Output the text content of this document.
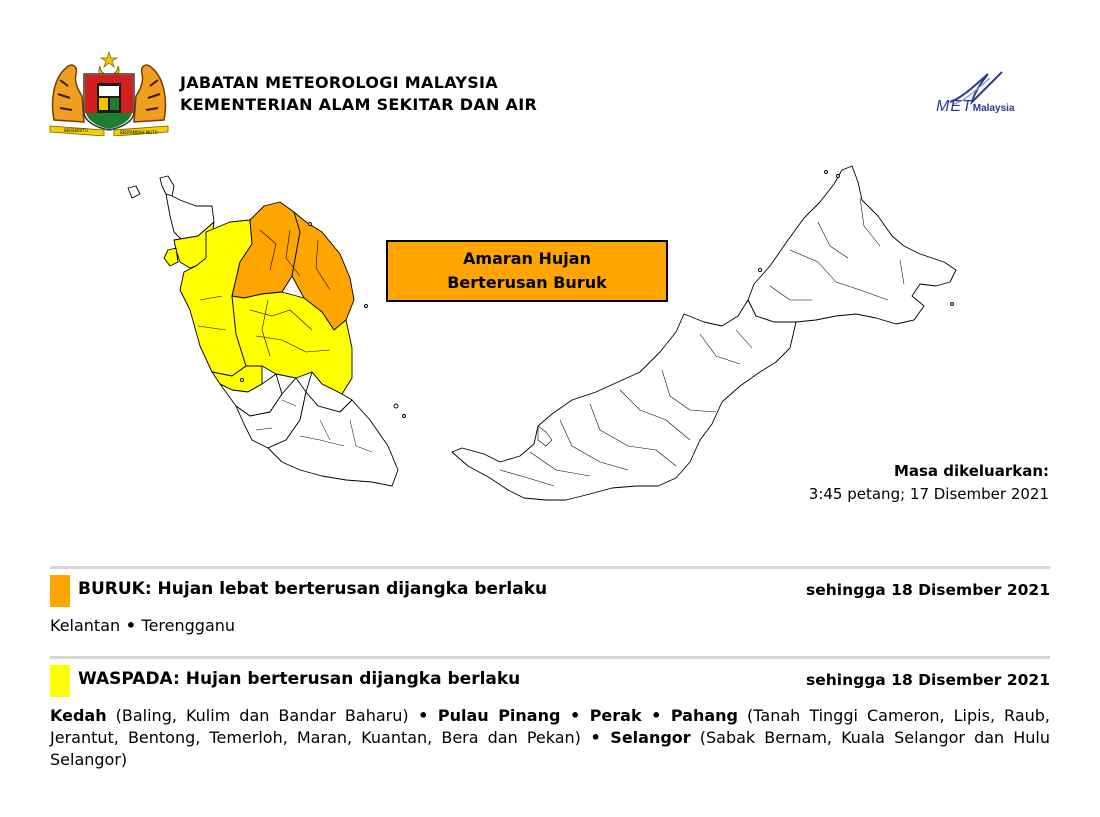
BERSEKUTU	BERTAMBAH MUTU
JABATAN METEOROLOGI MALAYSIA
KEMENTERIAN ALAM SEKITAR DAN AIR	METMalaysia
Amaran Hujan
Berterusan Buruk
Masa dikeluarkan:
3:45 petang; 17 Disember 2021
BURUK: Hujan lebat berterusan dijangka berlaku	sehingga 18 Disember 2021
Kelantan • Terengganu
WASPADA: Hujan berterusan dijangka berlaku	sehingga 18 Disember 2021
Kedah (Baling, Kulim dan Bandar Baharu) • Pulau Pinang • Perak • Pahang (Tanah Tinggi Cameron, Lipis, Raub, Jerantut, Bentong, Temerloh, Maran, Kuantan, Bera dan Pekan) • Selangor (Sabak Bernam, Kuala Selangor dan Hulu Selangor)
